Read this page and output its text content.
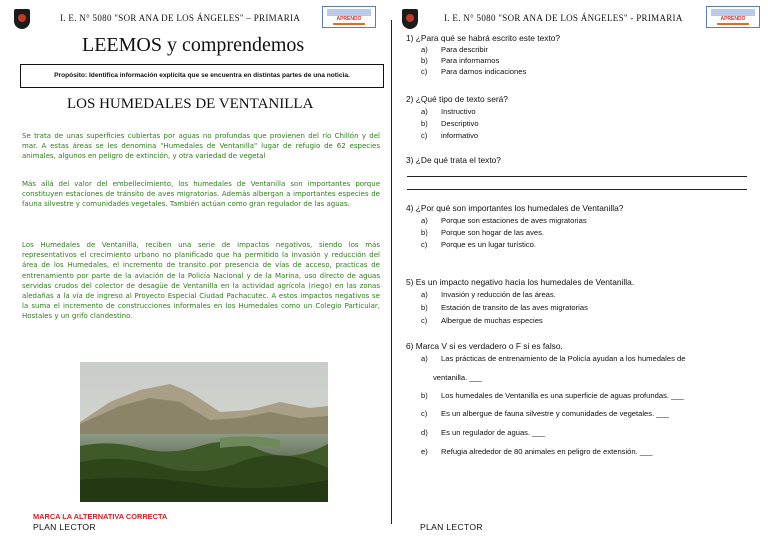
I. E. N° 5080 "SOR ANA DE LOS ÁNGELES" – PRIMARIA	APRENDO
LEEMOS y comprendemos
Propósito: Identifica información explícita que se encuentra en distintas partes de una noticia.
LOS HUMEDALES DE VENTANILLA
Se trata de unas superficies cubiertas por aguas no profundas que provienen del río Chillón y del mar. A estas áreas se les denomina "Humedales de Ventanilla" lugar de refugio de 62 especies animales, algunos en peligro de extinción, y otra variedad de vegetal
Más allá del valor del embellecimiento, los humedales de Ventanilla son importantes porque constituyen estaciones de tránsito de aves migratorias. Además albergan a importantes especies de fauna silvestre y comunidades vegetales. También actúan como gran regulador de las aguas.
Los Humedales de Ventanilla, reciben una serie de impactos negativos, siendo los más representativos el crecimiento urbano no planificado que ha permitido la invasión y reducción del área de los Humedales, el incremento de transito por presencia de vías de acceso, practicas de entrenamiento por parte de la aviación de la Policía Nacional y de la Marina, uso directo de aguas servidas crudos del colector de desagüe de Ventanilla en la actividad agrícola (riego) en las zonas aledañas a la vía de ingreso al Proyecto Especial Ciudad Pachacutec. A estos impactos negativos se la suma el incremento de construcciones informales en los Humedales como un Colegio Particular, Hostales y un grifo clandestino.
MARCA LA ALTERNATIVA CORRECTA
PLAN LECTOR
I. E. N° 5080 "SOR ANA DE LOS ÁNGELES" - PRIMARIA	APRENDO
1) ¿Para qué se habrá escrito este texto?
a) Para describir
b) Para informarnos
c) Para darnos indicaciones
2) ¿Qué tipo de texto será?
a) Instructivo
b) Descriptivo
c) informativo
3) ¿De qué trata el texto?
4) ¿Por qué son importantes los humedales de Ventanilla?
a) Porque son estaciones de aves migratorias
b) Porque son hogar de las aves.
c) Porque es un lugar turístico.
5) Es un impacto negativo hacia los humedales de Ventanilla.
a) Invasión y reducción de las áreas.
b) Estación de transito de las aves migratorias
c) Albergue de muchas especies
6) Marca V si es verdadero o F si es falso.
a) Las prácticas de entrenamiento de la Policía ayudan a los humedales de
ventanilla. ___
b) Los humedales de Ventanilla es una superficie de aguas profundas. ___
c) Es un albergue de fauna silvestre y comunidades de vegetales. ___
d) Es un regulador de aguas. ___
e) Refugia alrededor de 80 animales en peligro de extensión. ___
PLAN LECTOR
